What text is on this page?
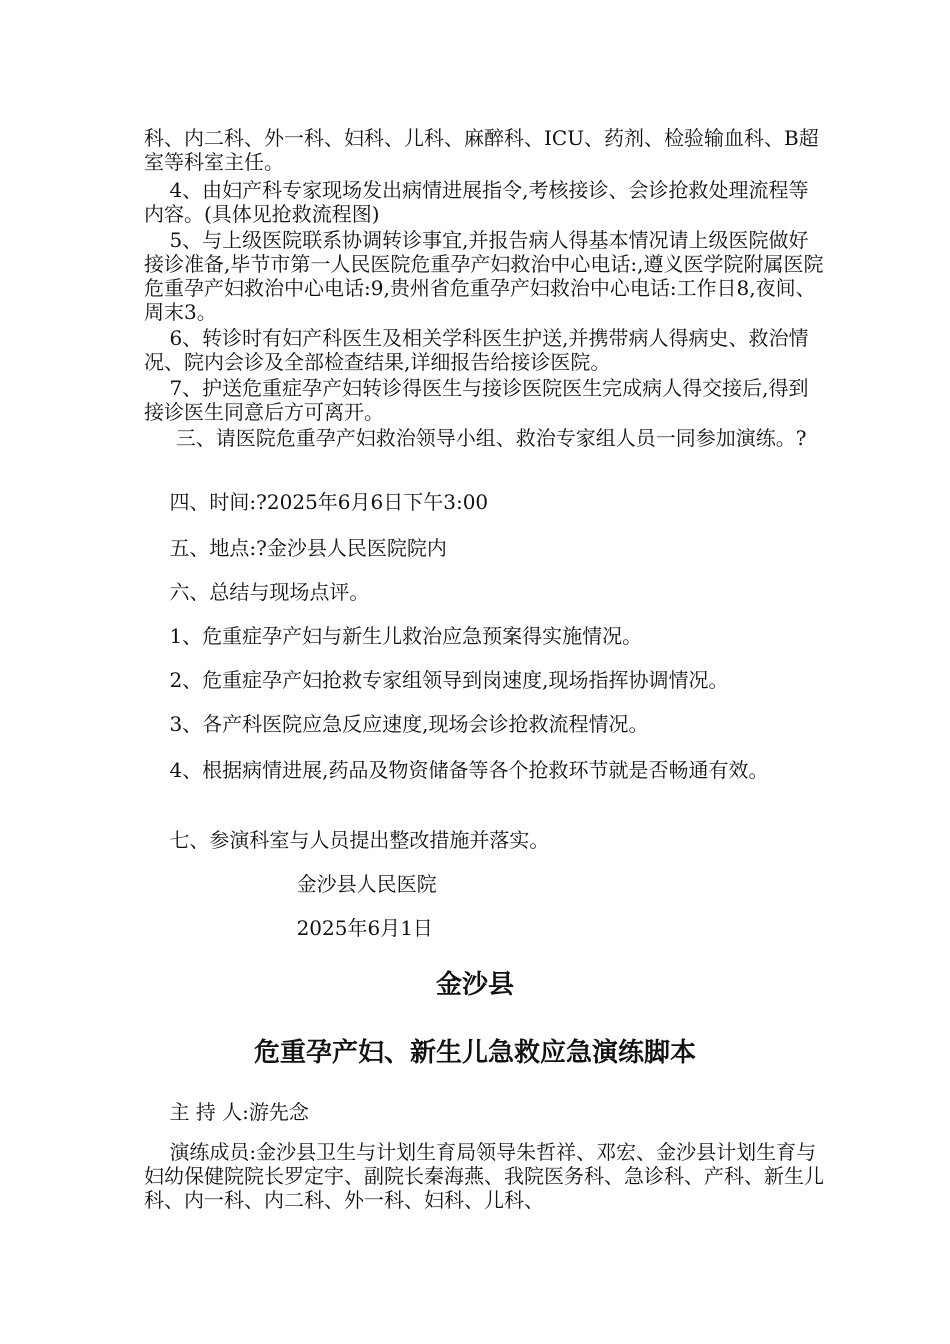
科、内二科、外一科、妇科、儿科、麻醉科、ICU、药剂、检验输血科、B超室等科室主任。
4、由妇产科专家现场发出病情进展指令,考核接诊、会诊抢救处理流程等内容。(具体见抢救流程图)
5、与上级医院联系协调转诊事宜,并报告病人得基本情况请上级医院做好接诊准备,毕节市第一人民医院危重孕产妇救治中心电话:,遵义医学院附属医院危重孕产妇救治中心电话:9,贵州省危重孕产妇救治中心电话:工作日8,夜间、周末3。
6、转诊时有妇产科医生及相关学科医生护送,并携带病人得病史、救治情况、院内会诊及全部检查结果,详细报告给接诊医院。
7、护送危重症孕产妇转诊得医生与接诊医院医生完成病人得交接后,得到接诊医生同意后方可离开。
三、请医院危重孕产妇救治领导小组、救治专家组人员一同参加演练。?
四、时间:?2025年6月6日下午3:00
五、地点:?金沙县人民医院院内
六、总结与现场点评。
1、危重症孕产妇与新生儿救治应急预案得实施情况。
2、危重症孕产妇抢救专家组领导到岗速度,现场指挥协调情况。
3、各产科医院应急反应速度,现场会诊抢救流程情况。
4、根据病情进展,药品及物资储备等各个抢救环节就是否畅通有效。
七、参演科室与人员提出整改措施并落实。
金沙县人民医院
2025年6月1日
金沙县
危重孕产妇、新生儿急救应急演练脚本
主 持 人:游先念
演练成员:金沙县卫生与计划生育局领导朱哲祥、邓宏、金沙县计划生育与妇幼保健院院长罗定宇、副院长秦海燕、我院医务科、急诊科、产科、新生儿科、内一科、内二科、外一科、妇科、儿科、
